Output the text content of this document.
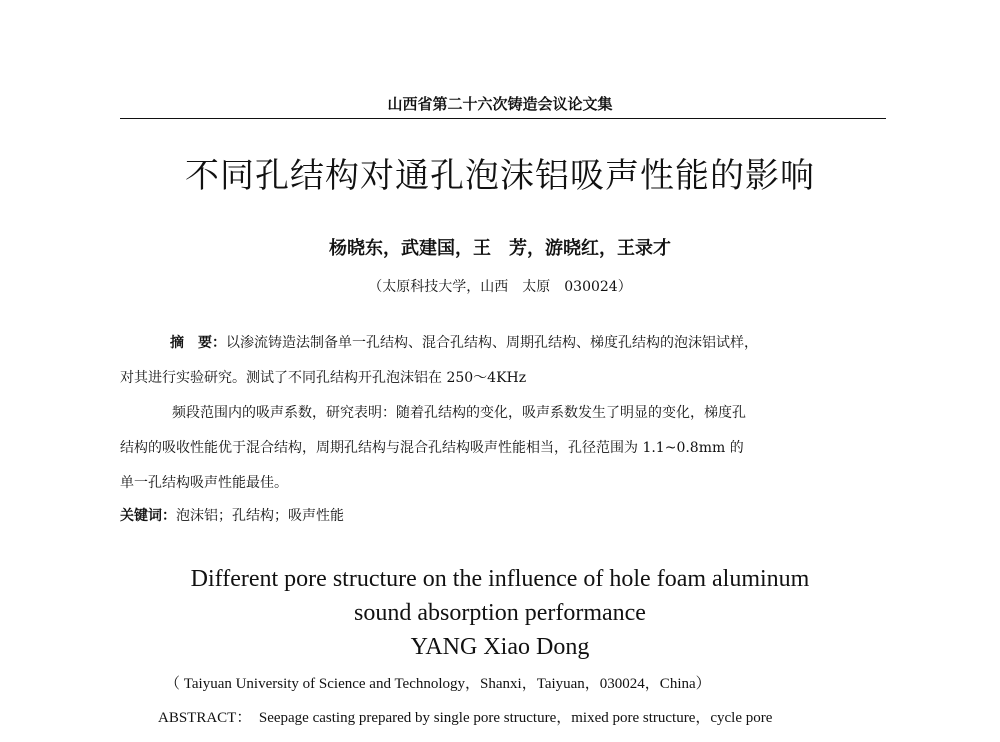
山西省第二十六次铸造会议论文集
不同孔结构对通孔泡沫铝吸声性能的影响
杨晓东，武建国，王　芳，游晓红，王录才
（太原科技大学，山西　太原　030024）
摘　要：以渗流铸造法制备单一孔结构、混合孔结构、周期孔结构、梯度孔结构的泡沫铝试样，
对其进行实验研究。测试了不同孔结构开孔泡沫铝在 250～4KHz
频段范围内的吸声系数，研究表明：随着孔结构的变化，吸声系数发生了明显的变化，梯度孔
结构的吸收性能优于混合结构，周期孔结构与混合孔结构吸声性能相当，孔径范围为 1.1~0.8mm 的
单一孔结构吸声性能最佳。
关键词：泡沫铝；孔结构；吸声性能
Different pore structure on the influence of hole foam aluminum
sound absorption performance
YANG Xiao Dong
（ Taiyuan University of Science and Technology，Shanxi，Taiyuan，030024，China）
ABSTRACT： Seepage casting prepared by single pore structure，mixed pore structure，cycle pore
